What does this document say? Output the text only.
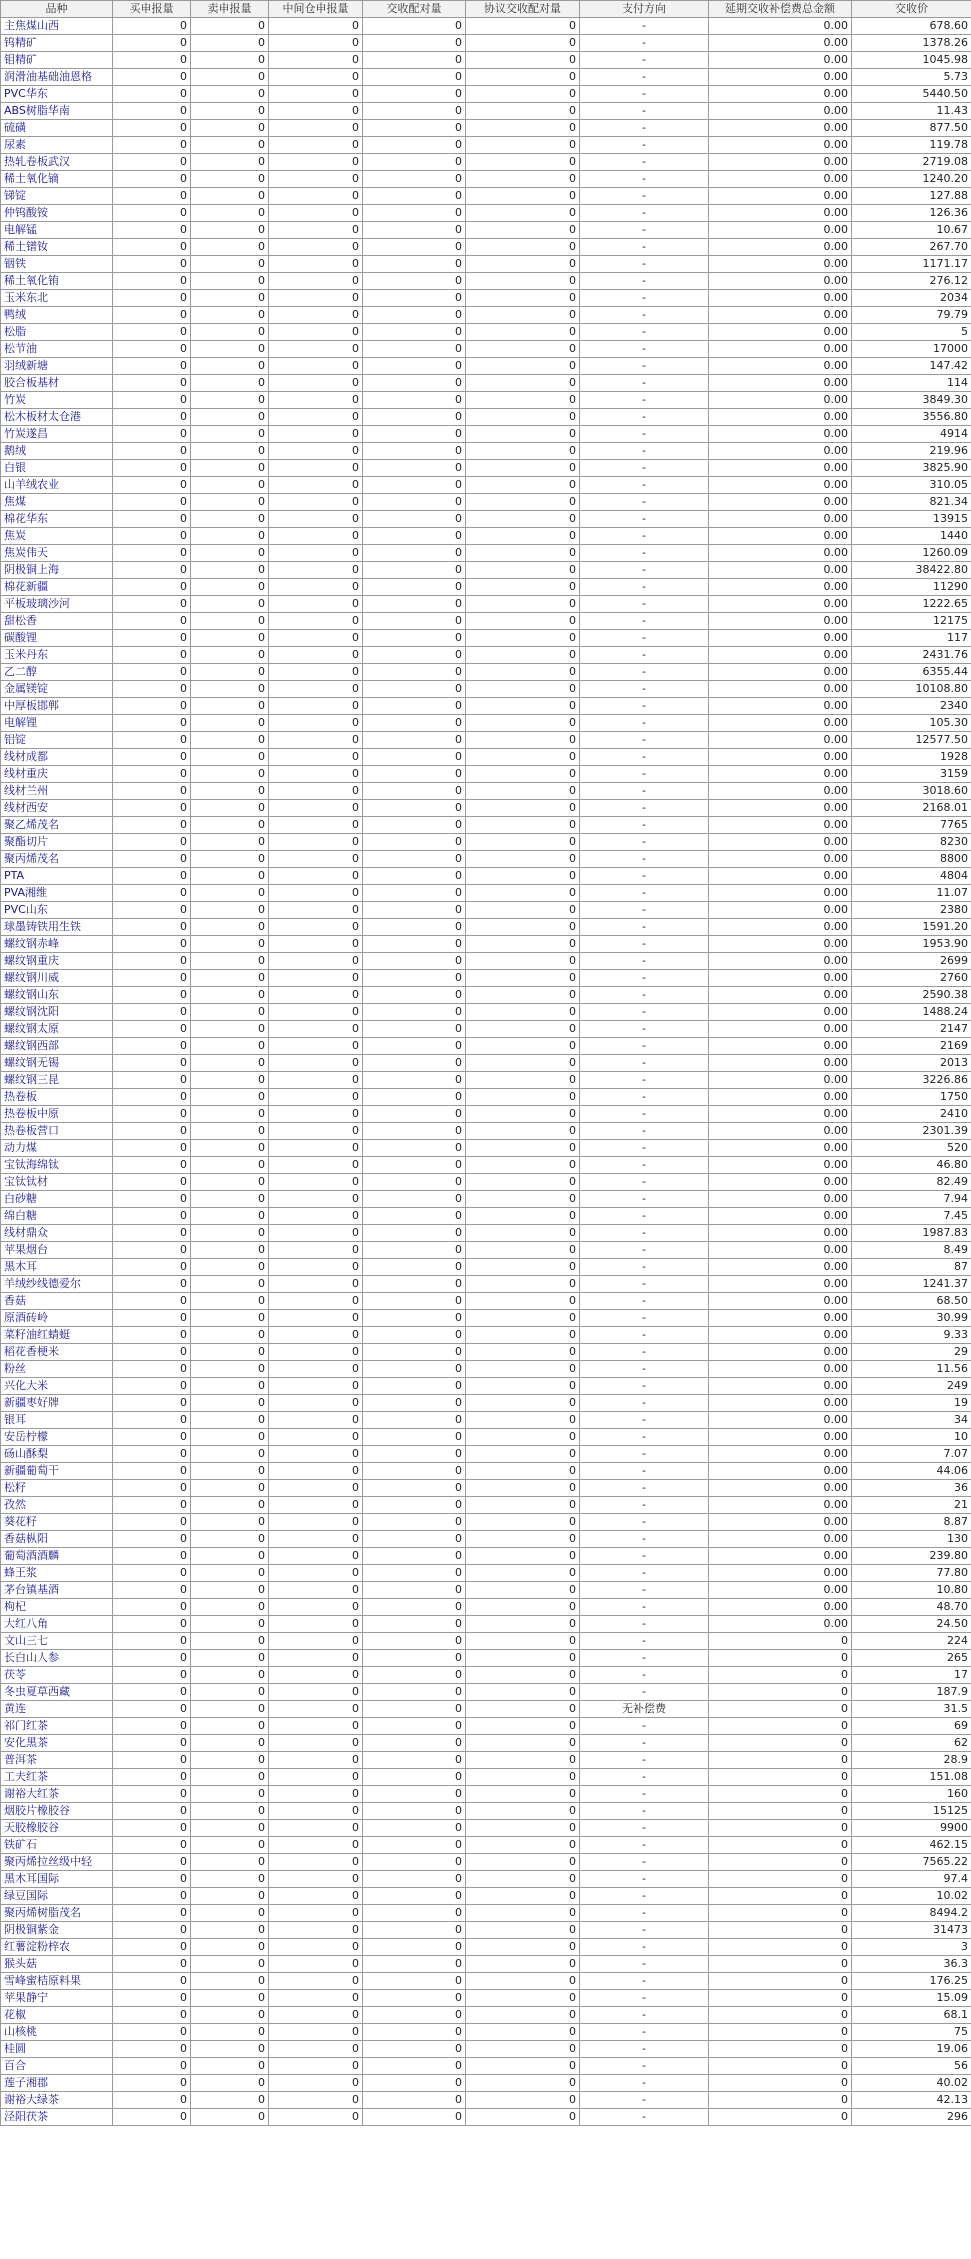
品种	买申报量	卖申报量	中间仓申报量	交收配对量	协议交收配对量	支付方向	延期交收补偿费总金额	交收价
主焦煤山西	0	0	0	0	0	-	0.00	678.60
钨精矿	0	0	0	0	0	-	0.00	1378.26
钼精矿	0	0	0	0	0	-	0.00	1045.98
润滑油基础油恩格	0	0	0	0	0	-	0.00	5.73
PVC华东	0	0	0	0	0	-	0.00	5440.50
ABS树脂华南	0	0	0	0	0	-	0.00	11.43
硫磺	0	0	0	0	0	-	0.00	877.50
尿素	0	0	0	0	0	-	0.00	119.78
热轧卷板武汉	0	0	0	0	0	-	0.00	2719.08
稀土氧化镝	0	0	0	0	0	-	0.00	1240.20
锑锭	0	0	0	0	0	-	0.00	127.88
仲钨酸铵	0	0	0	0	0	-	0.00	126.36
电解锰	0	0	0	0	0	-	0.00	10.67
稀土镨钕	0	0	0	0	0	-	0.00	267.70
铟铁	0	0	0	0	0	-	0.00	1171.17
稀土氧化铕	0	0	0	0	0	-	0.00	276.12
玉米东北	0	0	0	0	0	-	0.00	2034
鸭绒	0	0	0	0	0	-	0.00	79.79
松脂	0	0	0	0	0	-	0.00	5
松节油	0	0	0	0	0	-	0.00	17000
羽绒新塘	0	0	0	0	0	-	0.00	147.42
胶合板基材	0	0	0	0	0	-	0.00	114
竹炭	0	0	0	0	0	-	0.00	3849.30
松木板材太仓港	0	0	0	0	0	-	0.00	3556.80
竹炭遂昌	0	0	0	0	0	-	0.00	4914
鹅绒	0	0	0	0	0	-	0.00	219.96
白银	0	0	0	0	0	-	0.00	3825.90
山羊绒农业	0	0	0	0	0	-	0.00	310.05
焦煤	0	0	0	0	0	-	0.00	821.34
棉花华东	0	0	0	0	0	-	0.00	13915
焦炭	0	0	0	0	0	-	0.00	1440
焦炭伟天	0	0	0	0	0	-	0.00	1260.09
阴极铜上海	0	0	0	0	0	-	0.00	38422.80
棉花新疆	0	0	0	0	0	-	0.00	11290
平板玻璃沙河	0	0	0	0	0	-	0.00	1222.65
甜松香	0	0	0	0	0	-	0.00	12175
碳酸锂	0	0	0	0	0	-	0.00	117
玉米丹东	0	0	0	0	0	-	0.00	2431.76
乙二醇	0	0	0	0	0	-	0.00	6355.44
金属镁锭	0	0	0	0	0	-	0.00	10108.80
中厚板邯郸	0	0	0	0	0	-	0.00	2340
电解锂	0	0	0	0	0	-	0.00	105.30
铝锭	0	0	0	0	0	-	0.00	12577.50
线材成都	0	0	0	0	0	-	0.00	1928
线材重庆	0	0	0	0	0	-	0.00	3159
线材兰州	0	0	0	0	0	-	0.00	3018.60
线材西安	0	0	0	0	0	-	0.00	2168.01
聚乙烯茂名	0	0	0	0	0	-	0.00	7765
聚酯切片	0	0	0	0	0	-	0.00	8230
聚丙烯茂名	0	0	0	0	0	-	0.00	8800
PTA	0	0	0	0	0	-	0.00	4804
PVA湘维	0	0	0	0	0	-	0.00	11.07
PVC山东	0	0	0	0	0	-	0.00	2380
球墨铸铁用生铁	0	0	0	0	0	-	0.00	1591.20
螺纹钢赤峰	0	0	0	0	0	-	0.00	1953.90
螺纹钢重庆	0	0	0	0	0	-	0.00	2699
螺纹钢川威	0	0	0	0	0	-	0.00	2760
螺纹钢山东	0	0	0	0	0	-	0.00	2590.38
螺纹钢沈阳	0	0	0	0	0	-	0.00	1488.24
螺纹钢太原	0	0	0	0	0	-	0.00	2147
螺纹钢西部	0	0	0	0	0	-	0.00	2169
螺纹钢无锡	0	0	0	0	0	-	0.00	2013
螺纹钢三昆	0	0	0	0	0	-	0.00	3226.86
热卷板	0	0	0	0	0	-	0.00	1750
热卷板中原	0	0	0	0	0	-	0.00	2410
热卷板营口	0	0	0	0	0	-	0.00	2301.39
动力煤	0	0	0	0	0	-	0.00	520
宝钛海绵钛	0	0	0	0	0	-	0.00	46.80
宝钛钛材	0	0	0	0	0	-	0.00	82.49
白砂糖	0	0	0	0	0	-	0.00	7.94
绵白糖	0	0	0	0	0	-	0.00	7.45
线材鼎众	0	0	0	0	0	-	0.00	1987.83
苹果烟台	0	0	0	0	0	-	0.00	8.49
黑木耳	0	0	0	0	0	-	0.00	87
羊绒纱线德爱尔	0	0	0	0	0	-	0.00	1241.37
香菇	0	0	0	0	0	-	0.00	68.50
原酒砖岭	0	0	0	0	0	-	0.00	30.99
菜籽油红蜻蜓	0	0	0	0	0	-	0.00	9.33
稻花香梗米	0	0	0	0	0	-	0.00	29
粉丝	0	0	0	0	0	-	0.00	11.56
兴化大米	0	0	0	0	0	-	0.00	249
新疆枣好牌	0	0	0	0	0	-	0.00	19
银耳	0	0	0	0	0	-	0.00	34
安岳柠檬	0	0	0	0	0	-	0.00	10
砀山酥梨	0	0	0	0	0	-	0.00	7.07
新疆葡萄干	0	0	0	0	0	-	0.00	44.06
松籽	0	0	0	0	0	-	0.00	36
孜然	0	0	0	0	0	-	0.00	21
葵花籽	0	0	0	0	0	-	0.00	8.87
香菇枞阳	0	0	0	0	0	-	0.00	130
葡萄酒酒麟	0	0	0	0	0	-	0.00	239.80
蜂王浆	0	0	0	0	0	-	0.00	77.80
茅台镇基酒	0	0	0	0	0	-	0.00	10.80
枸杞	0	0	0	0	0	-	0.00	48.70
大红八角	0	0	0	0	0	-	0.00	24.50
文山三七	0	0	0	0	0	-	0	224
长白山人参	0	0	0	0	0	-	0	265
茯苓	0	0	0	0	0	-	0	17
冬虫夏草西藏	0	0	0	0	0	-	0	187.9
黄连	0	0	0	0	0	无补偿费	0	31.5
祁门红茶	0	0	0	0	0	-	0	69
安化黑茶	0	0	0	0	0	-	0	62
普洱茶	0	0	0	0	0	-	0	28.9
工夫红茶	0	0	0	0	0	-	0	151.08
谢裕大红茶	0	0	0	0	0	-	0	160
烟胶片橡胶谷	0	0	0	0	0	-	0	15125
天胶橡胶谷	0	0	0	0	0	-	0	9900
铁矿石	0	0	0	0	0	-	0	462.15
聚丙烯拉丝级中轻	0	0	0	0	0	-	0	7565.22
黑木耳国际	0	0	0	0	0	-	0	97.4
绿豆国际	0	0	0	0	0	-	0	10.02
聚丙烯树脂茂名	0	0	0	0	0	-	0	8494.2
阴极铜紫金	0	0	0	0	0	-	0	31473
红薯淀粉梓农	0	0	0	0	0	-	0	3
猴头菇	0	0	0	0	0	-	0	36.3
雪峰蜜桔原料果	0	0	0	0	0	-	0	176.25
苹果静宁	0	0	0	0	0	-	0	15.09
花椒	0	0	0	0	0	-	0	68.1
山核桃	0	0	0	0	0	-	0	75
桂圆	0	0	0	0	0	-	0	19.06
百合	0	0	0	0	0	-	0	56
莲子湘郡	0	0	0	0	0	-	0	40.02
谢裕大绿茶	0	0	0	0	0	-	0	42.13
泾阳茯茶	0	0	0	0	0	-	0	296
